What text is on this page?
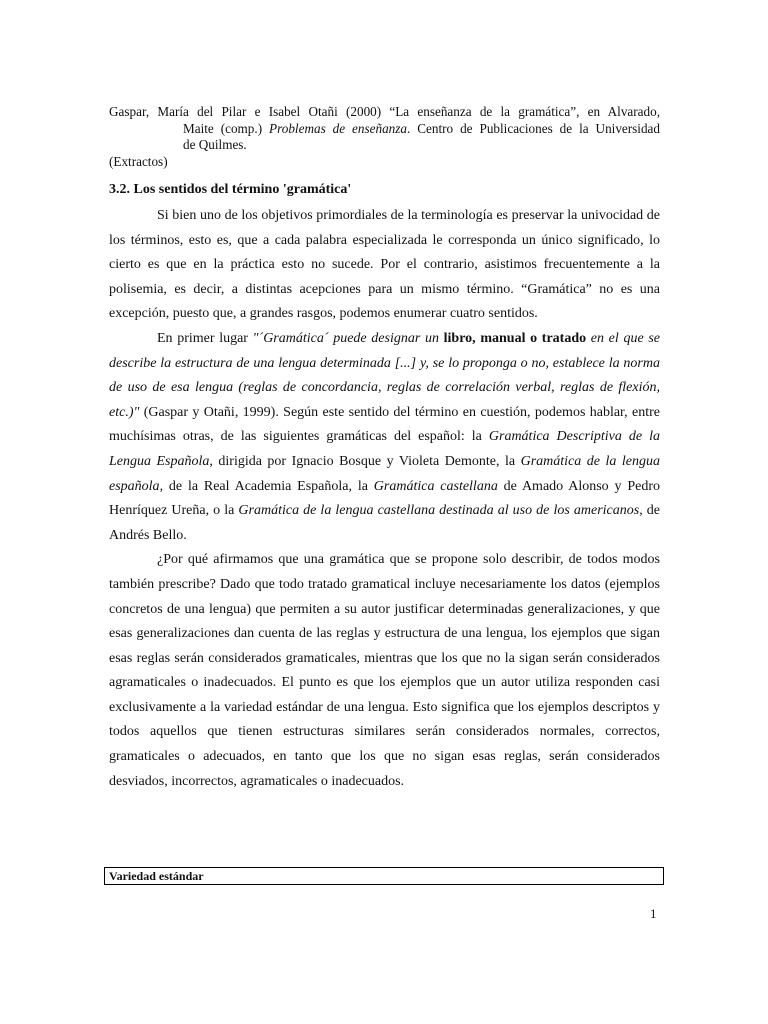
Gaspar, María del Pilar e Isabel Otañi (2000) “La enseñanza de la gramática”, en Alvarado,
Maite (comp.) Problemas de enseñanza. Centro de Publicaciones de la Universidad
de Quilmes.
(Extractos)
3.2. Los sentidos del término 'gramática'

Si bien uno de los objetivos primordiales de la terminología es preservar la univocidad de los términos, esto es, que a cada palabra especializada le corresponda un único significado, lo cierto es que en la práctica esto no sucede. Por el contrario, asistimos frecuentemente a la polisemia, es decir, a distintas acepciones para un mismo término. “Gramática” no es una excepción, puesto que, a grandes rasgos, podemos enumerar cuatro sentidos.

En primer lugar "´Gramática´ puede designar un libro, manual o tratado en el que se describe la estructura de una lengua determinada [...] y, se lo proponga o no, establece la norma de uso de esa lengua (reglas de concordancia, reglas de correlación verbal, reglas de flexión, etc.)" (Gaspar y Otañi, 1999). Según este sentido del término en cuestión, podemos hablar, entre muchísimas otras, de las siguientes gramáticas del español: la Gramática Descriptiva de la Lengua Española, dirigida por Ignacio Bosque y Violeta Demonte, la Gramática de la lengua española, de la Real Academia Española, la Gramática castellana de Amado Alonso y Pedro Henríquez Ureña, o la Gramática de la lengua castellana destinada al uso de los americanos, de Andrés Bello.

¿Por qué afirmamos que una gramática que se propone solo describir, de todos modos también prescribe? Dado que todo tratado gramatical incluye necesariamente los datos (ejemplos concretos de una lengua) que permiten a su autor justificar determinadas generalizaciones, y que esas generalizaciones dan cuenta de las reglas y estructura de una lengua, los ejemplos que sigan esas reglas serán considerados gramaticales, mientras que los que no la sigan serán considerados agramaticales o inadecuados. El punto es que los ejemplos que un autor utiliza responden casi exclusivamente a la variedad estándar de una lengua. Esto significa que los ejemplos descriptos y todos aquellos que tienen estructuras similares serán considerados normales, correctos, gramaticales o adecuados, en tanto que los que no sigan esas reglas, serán considerados desviados, incorrectos, agramaticales o inadecuados.

Variedad estándar
1
